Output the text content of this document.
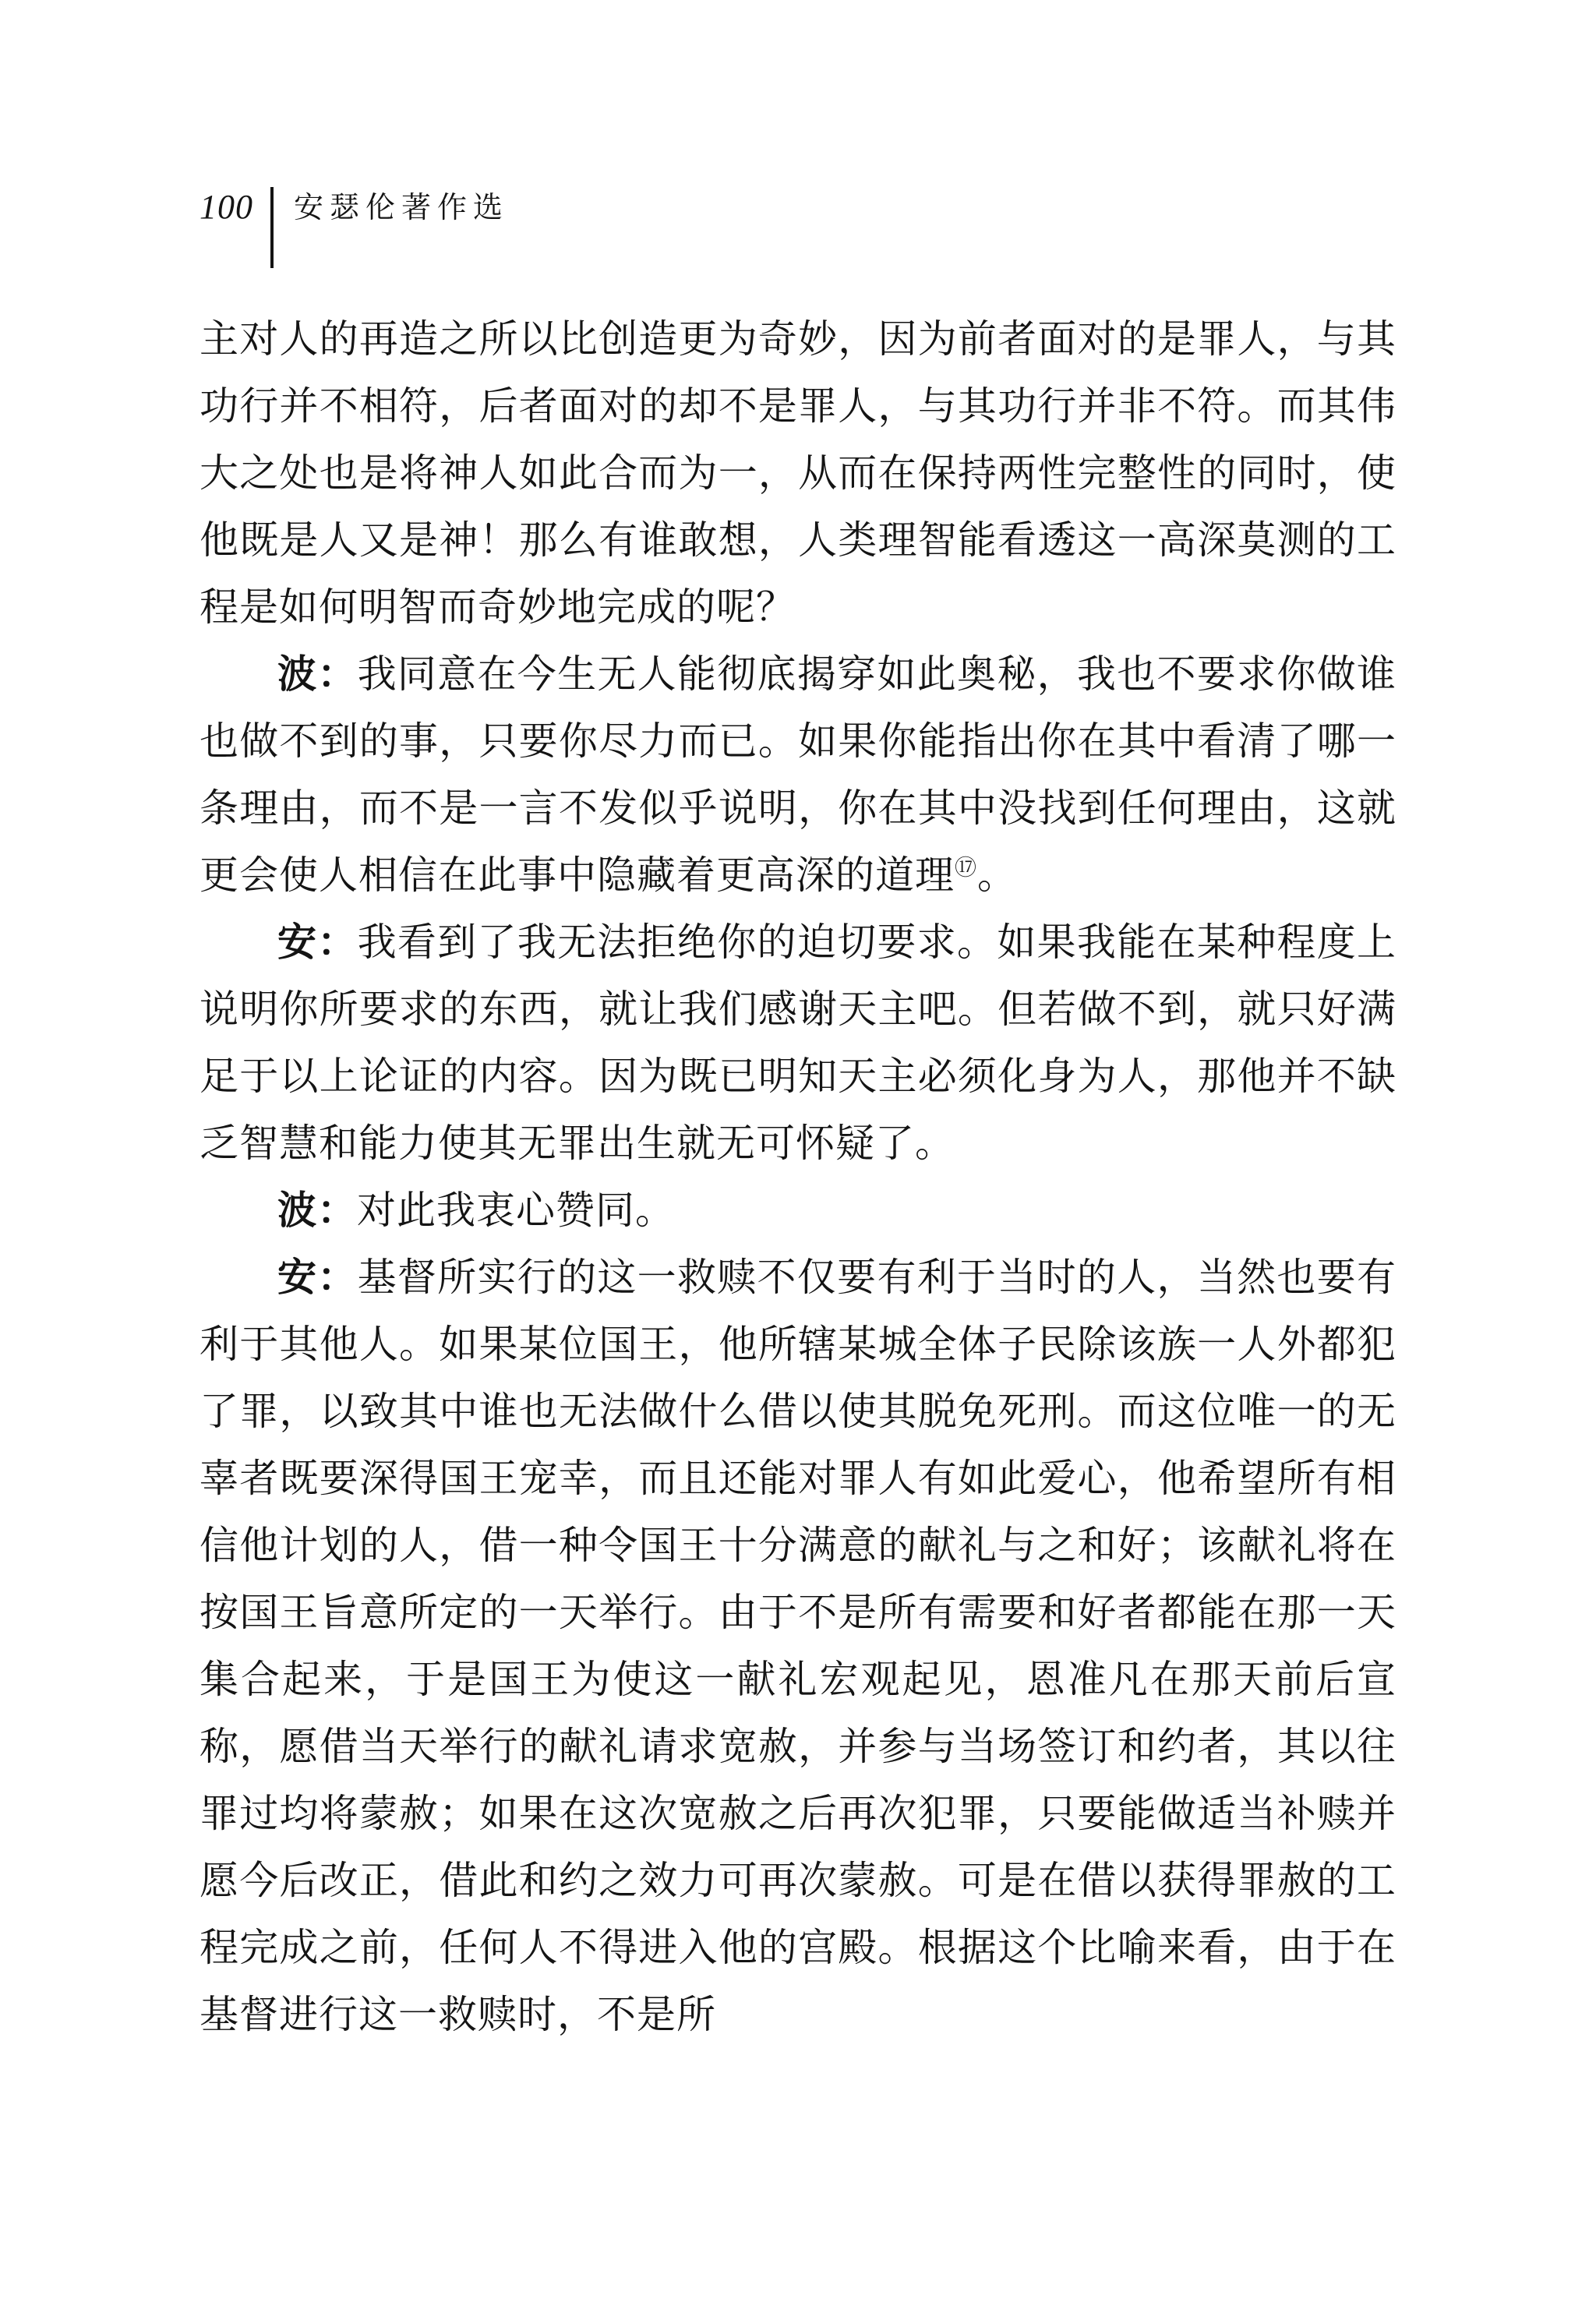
100 安瑟伦著作选

主对人的再造之所以比创造更为奇妙，因为前者面对的是罪人，与其功行并不相符，后者面对的却不是罪人，与其功行并非不符。而其伟大之处也是将神人如此合而为一，从而在保持两性完整性的同时，使他既是人又是神！那么有谁敢想，人类理智能看透这一高深莫测的工程是如何明智而奇妙地完成的呢？

波：我同意在今生无人能彻底揭穿如此奥秘，我也不要求你做谁也做不到的事，只要你尽力而已。如果你能指出你在其中看清了哪一条理由，而不是一言不发似乎说明，你在其中没找到任何理由，这就更会使人相信在此事中隐藏着更高深的道理⑰。

安：我看到了我无法拒绝你的迫切要求。如果我能在某种程度上说明你所要求的东西，就让我们感谢天主吧。但若做不到，就只好满足于以上论证的内容。因为既已明知天主必须化身为人，那他并不缺乏智慧和能力使其无罪出生就无可怀疑了。

波：对此我衷心赞同。

安：基督所实行的这一救赎不仅要有利于当时的人，当然也要有利于其他人。如果某位国王，他所辖某城全体子民除该族一人外都犯了罪，以致其中谁也无法做什么借以使其脱免死刑。而这位唯一的无辜者既要深得国王宠幸，而且还能对罪人有如此爱心，他希望所有相信他计划的人，借一种令国王十分满意的献礼与之和好；该献礼将在按国王旨意所定的一天举行。由于不是所有需要和好者都能在那一天集合起来，于是国王为使这一献礼宏观起见，恩准凡在那天前后宣称，愿借当天举行的献礼请求宽赦，并参与当场签订和约者，其以往罪过均将蒙赦；如果在这次宽赦之后再次犯罪，只要能做适当补赎并愿今后改正，借此和约之效力可再次蒙赦。可是在借以获得罪赦的工程完成之前，任何人不得进入他的宫殿。根据这个比喻来看，由于在基督进行这一救赎时，不是所
